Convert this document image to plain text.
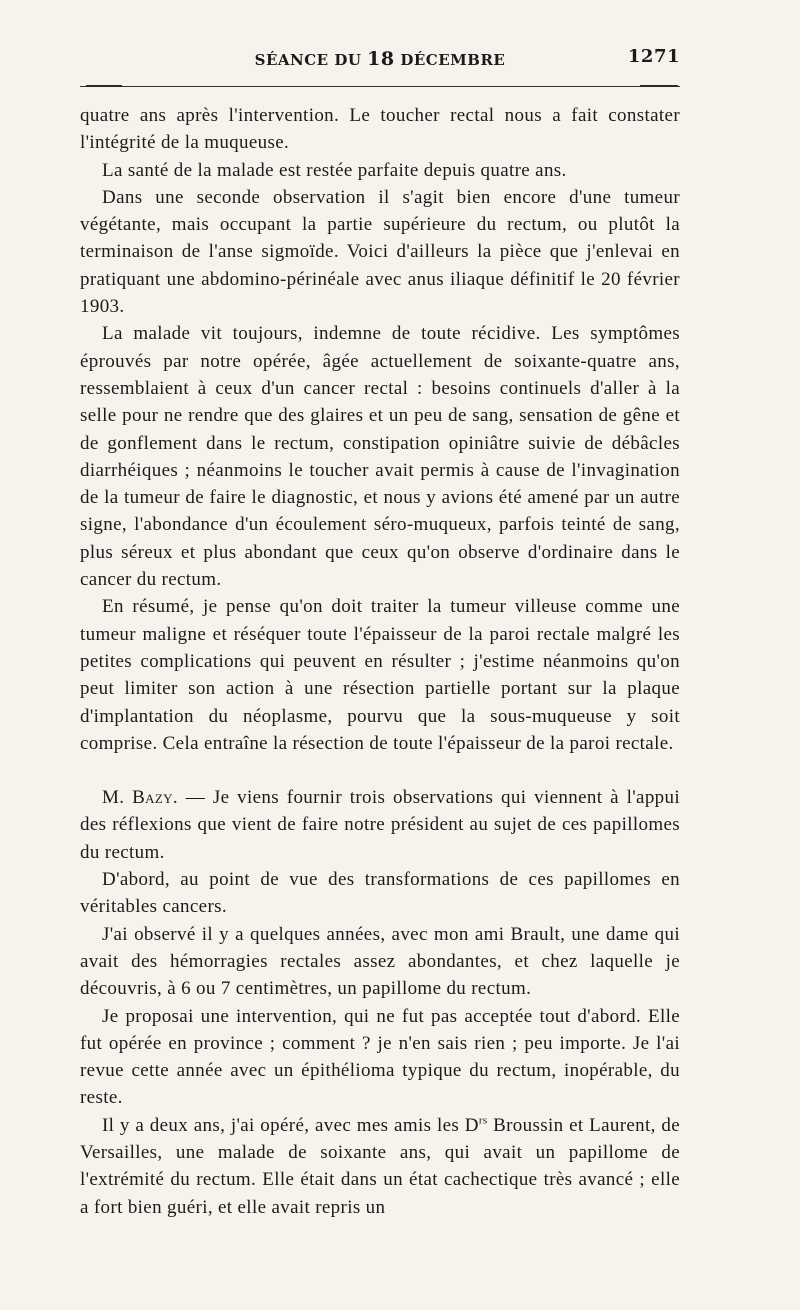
SÉANCE DU 18 DÉCEMBRE	1271

quatre ans après l'intervention. Le toucher rectal nous a fait constater l'intégrité de la muqueuse.

La santé de la malade est restée parfaite depuis quatre ans.

Dans une seconde observation il s'agit bien encore d'une tumeur végétante, mais occupant la partie supérieure du rectum, ou plutôt la terminaison de l'anse sigmoïde. Voici d'ailleurs la pièce que j'enlevai en pratiquant une abdomino-périnéale avec anus iliaque définitif le 20 février 1903.

La malade vit toujours, indemne de toute récidive. Les symptômes éprouvés par notre opérée, âgée actuellement de soixante-quatre ans, ressemblaient à ceux d'un cancer rectal : besoins continuels d'aller à la selle pour ne rendre que des glaires et un peu de sang, sensation de gêne et de gonflement dans le rectum, constipation opiniâtre suivie de débâcles diarrhéiques ; néanmoins le toucher avait permis à cause de l'invagination de la tumeur de faire le diagnostic, et nous y avions été amené par un autre signe, l'abondance d'un écoulement séro-muqueux, parfois teinté de sang, plus séreux et plus abondant que ceux qu'on observe d'ordinaire dans le cancer du rectum.

En résumé, je pense qu'on doit traiter la tumeur villeuse comme une tumeur maligne et réséquer toute l'épaisseur de la paroi rectale malgré les petites complications qui peuvent en résulter ; j'estime néanmoins qu'on peut limiter son action à une résection partielle portant sur la plaque d'implantation du néoplasme, pourvu que la sous-muqueuse y soit comprise. Cela entraîne la résection de toute l'épaisseur de la paroi rectale.

M. Bazy. — Je viens fournir trois observations qui viennent à l'appui des réflexions que vient de faire notre président au sujet de ces papillomes du rectum.

D'abord, au point de vue des transformations de ces papillomes en véritables cancers.

J'ai observé il y a quelques années, avec mon ami Brault, une dame qui avait des hémorragies rectales assez abondantes, et chez laquelle je découvris, à 6 ou 7 centimètres, un papillome du rectum.

Je proposai une intervention, qui ne fut pas acceptée tout d'abord. Elle fut opérée en province ; comment ? je n'en sais rien ; peu importe. Je l'ai revue cette année avec un épithélioma typique du rectum, inopérable, du reste.

Il y a deux ans, j'ai opéré, avec mes amis les $D^{rs}$ Broussin et Laurent, de Versailles, une malade de soixante ans, qui avait un papillome de l'extrémité du rectum. Elle était dans un état cachectique très avancé ; elle a fort bien guéri, et elle avait repris un
